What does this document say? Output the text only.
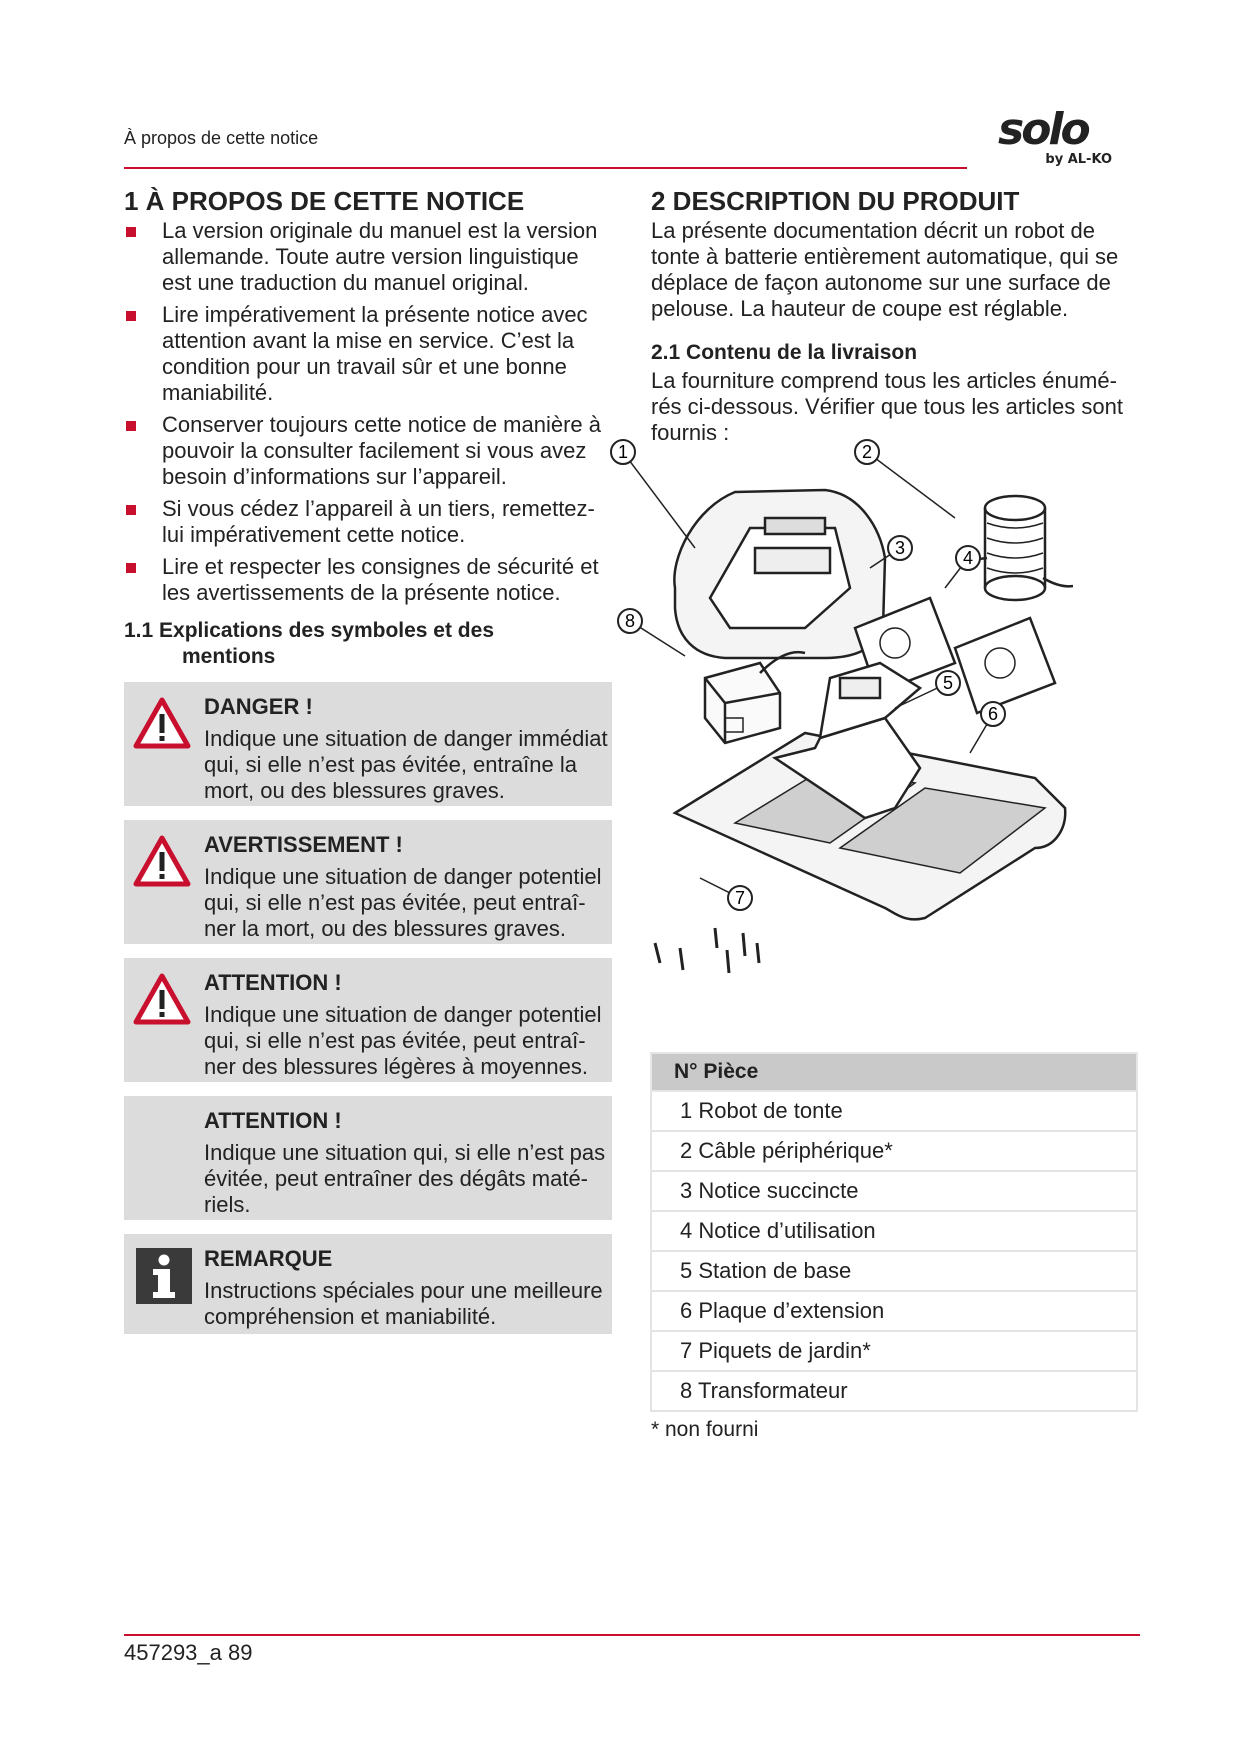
À propos de cette notice	solo
by AL-KO
1 À PROPOS DE CETTE NOTICE
La version originale du manuel est la version allemande. Toute autre version linguistique est une traduction du manuel original.
Lire impérativement la présente notice avec attention avant la mise en service. C’est la condition pour un travail sûr et une bonne maniabilité.
Conserver toujours cette notice de manière à pouvoir la consulter facilement si vous avez besoin d’informations sur l’appareil.
Si vous cédez l’appareil à un tiers, remettez-lui impérativement cette notice.
Lire et respecter les consignes de sécurité et les avertissements de la présente notice.
1.1 Explications des symboles et des
mentions
DANGER !
Indique une situation de danger immédiat qui, si elle n’est pas évitée, entraîne la mort, ou des blessures graves.
AVERTISSEMENT !
Indique une situation de danger potentiel qui, si elle n’est pas évitée, peut entraî-ner la mort, ou des blessures graves.
ATTENTION !
Indique une situation de danger potentiel qui, si elle n’est pas évitée, peut entraî-ner des blessures légères à moyennes.
ATTENTION !
Indique une situation qui, si elle n’est pas évitée, peut entraîner des dégâts maté-riels.
REMARQUE
Instructions spéciales pour une meilleure compréhension et maniabilité.
2 DESCRIPTION DU PRODUIT
La présente documentation décrit un robot de tonte à batterie entièrement automatique, qui se déplace de façon autonome sur une surface de pelouse. La hauteur de coupe est réglable.
2.1 Contenu de la livraison
La fourniture comprend tous les articles énumé-rés ci-dessous. Vérifier que tous les articles sont fournis :
1	2
3	4
5
6
7
8
N° Pièce
1 Robot de tonte
2 Câble périphérique*
3 Notice succincte
4 Notice d’utilisation
5 Station de base
6 Plaque d’extension
7 Piquets de jardin*
8 Transformateur
* non fourni
457293_a 89
